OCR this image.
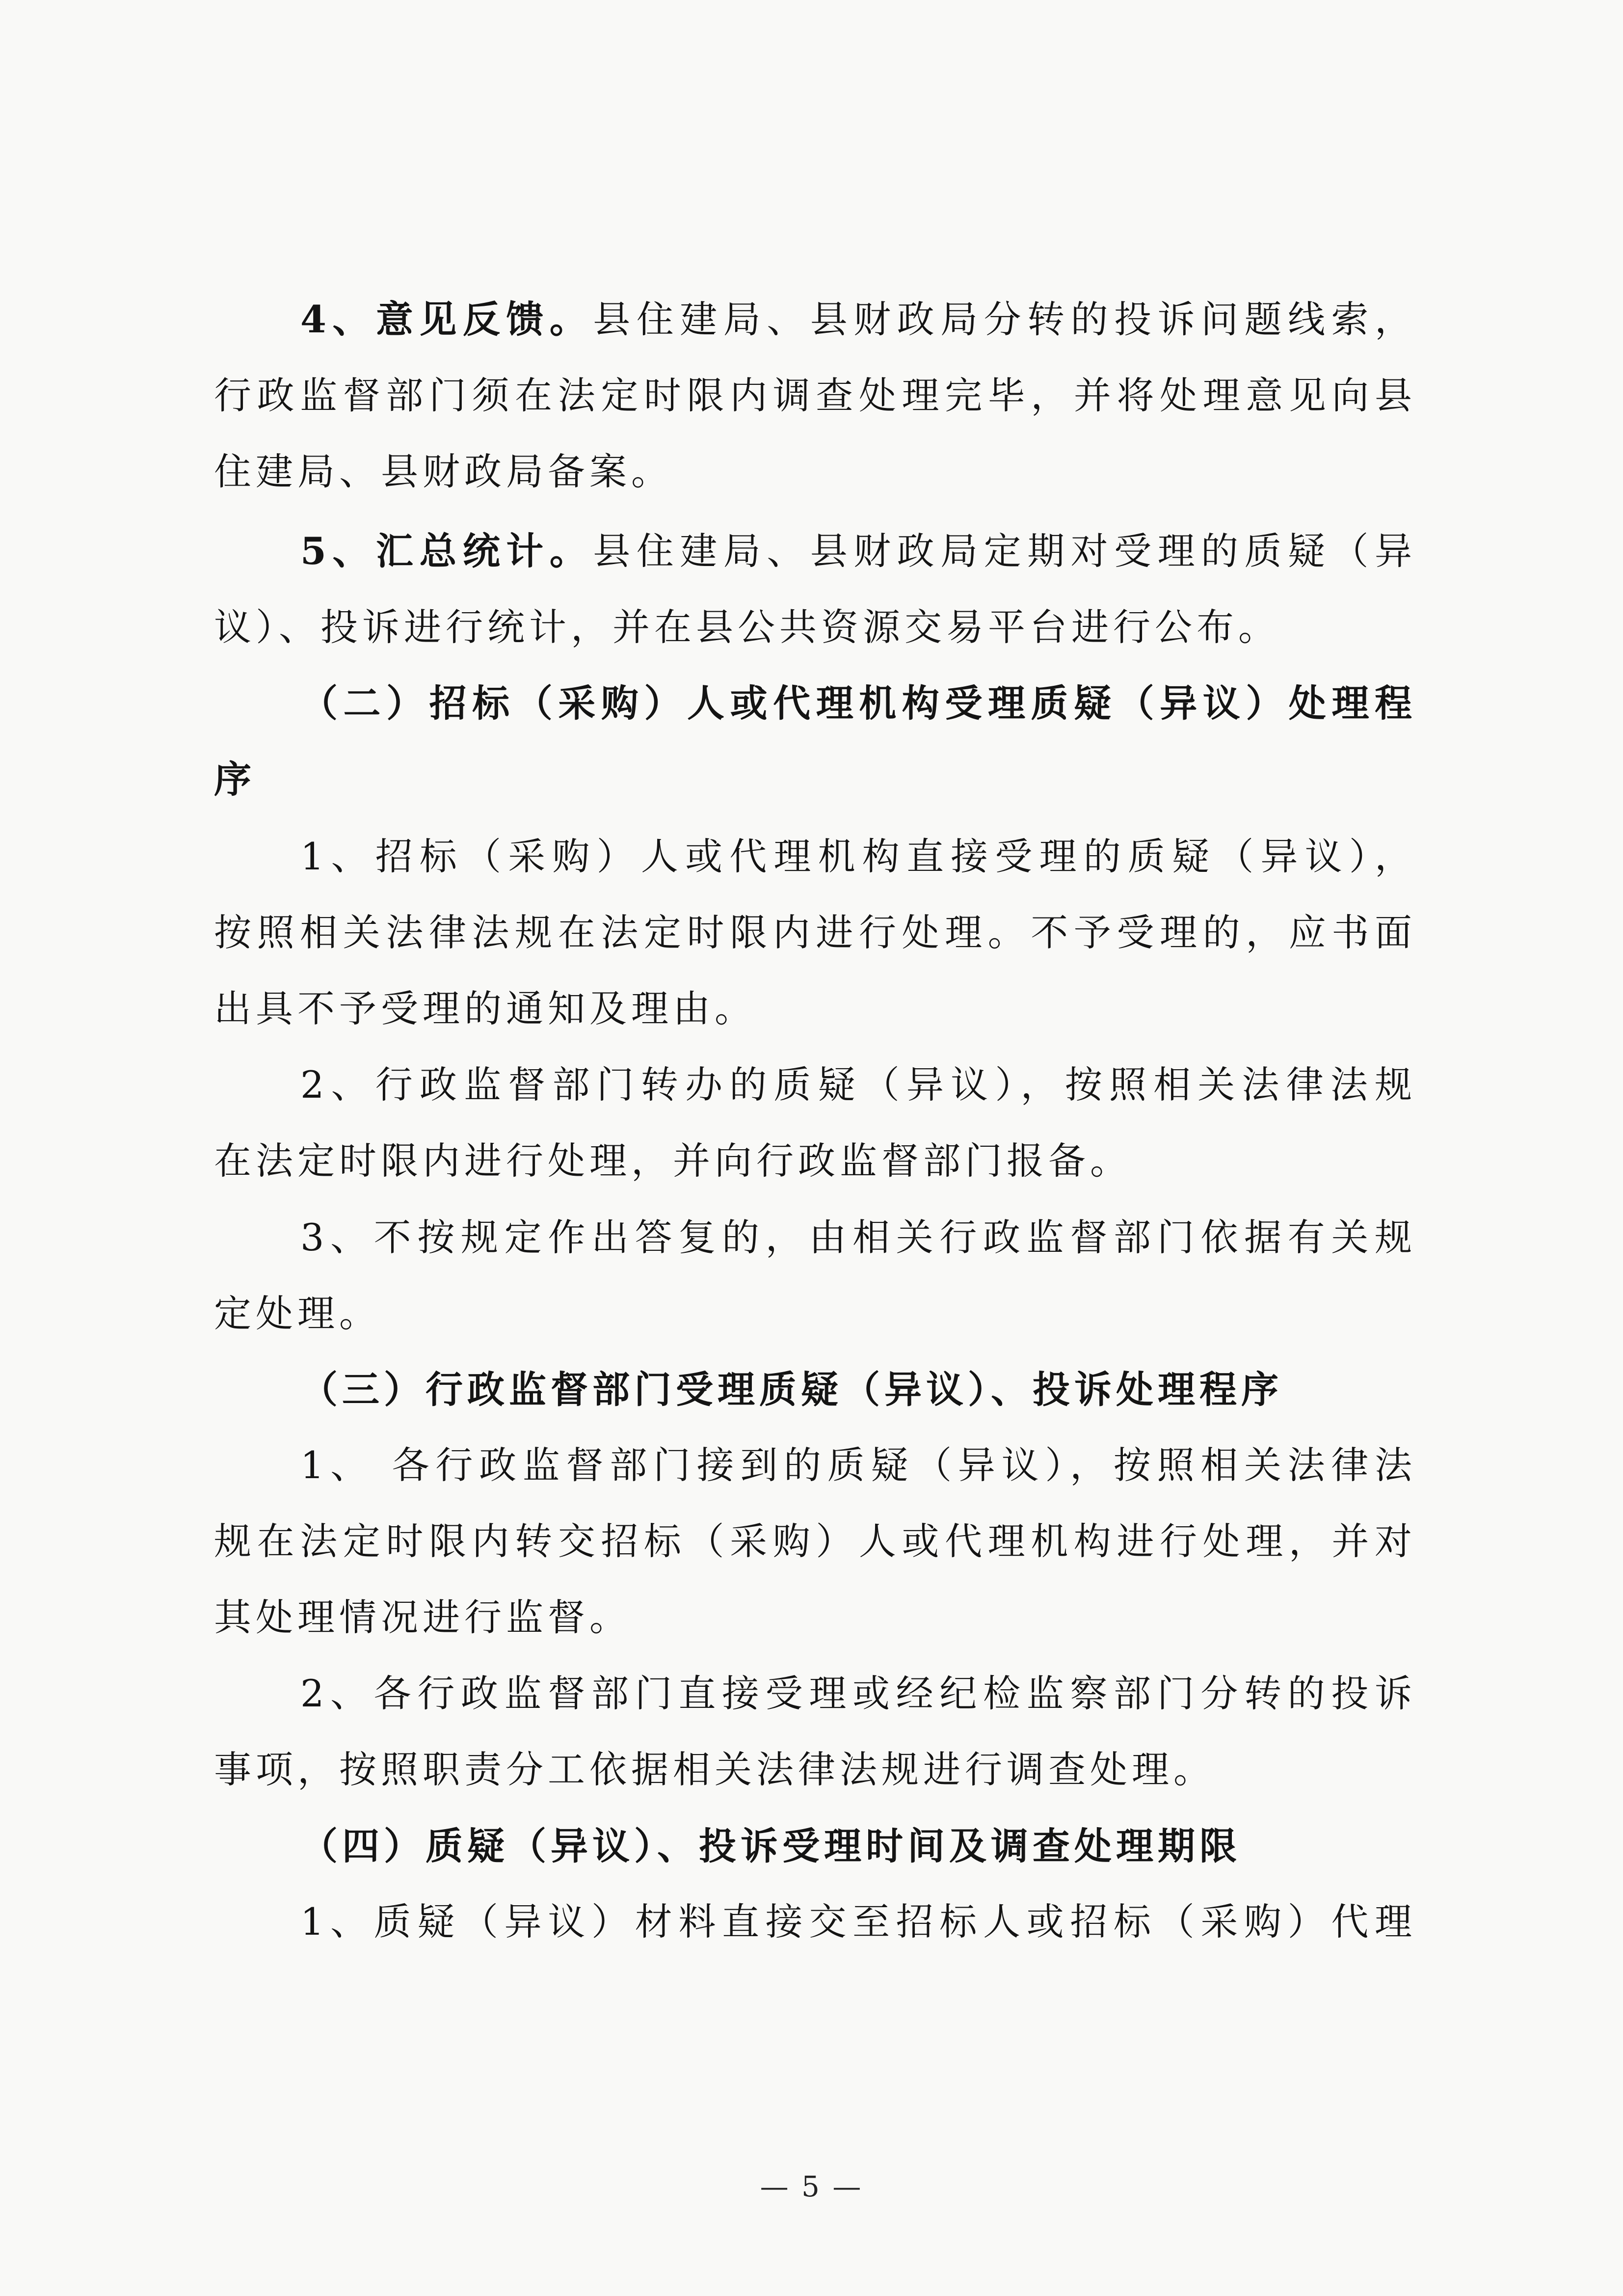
4、意见反馈。县住建局、县财政局分转的投诉问题线索，
行政监督部门须在法定时限内调查处理完毕，并将处理意见向县
住建局、县财政局备案。
5、汇总统计。县住建局、县财政局定期对受理的质疑（异
议）、投诉进行统计，并在县公共资源交易平台进行公布。
（二）招标（采购）人或代理机构受理质疑（异议）处理程
序
1、招标（采购）人或代理机构直接受理的质疑（异议），
按照相关法律法规在法定时限内进行处理。不予受理的，应书面
出具不予受理的通知及理由。
2、行政监督部门转办的质疑（异议），按照相关法律法规
在法定时限内进行处理，并向行政监督部门报备。
3、不按规定作出答复的，由相关行政监督部门依据有关规
定处理。
（三）行政监督部门受理质疑（异议）、投诉处理程序
1、 各行政监督部门接到的质疑（异议），按照相关法律法
规在法定时限内转交招标（采购）人或代理机构进行处理，并对
其处理情况进行监督。
2、各行政监督部门直接受理或经纪检监察部门分转的投诉
事项，按照职责分工依据相关法律法规进行调查处理。
（四）质疑（异议）、投诉受理时间及调查处理期限
1、质疑（异议）材料直接交至招标人或招标（采购）代理
— 5 —
